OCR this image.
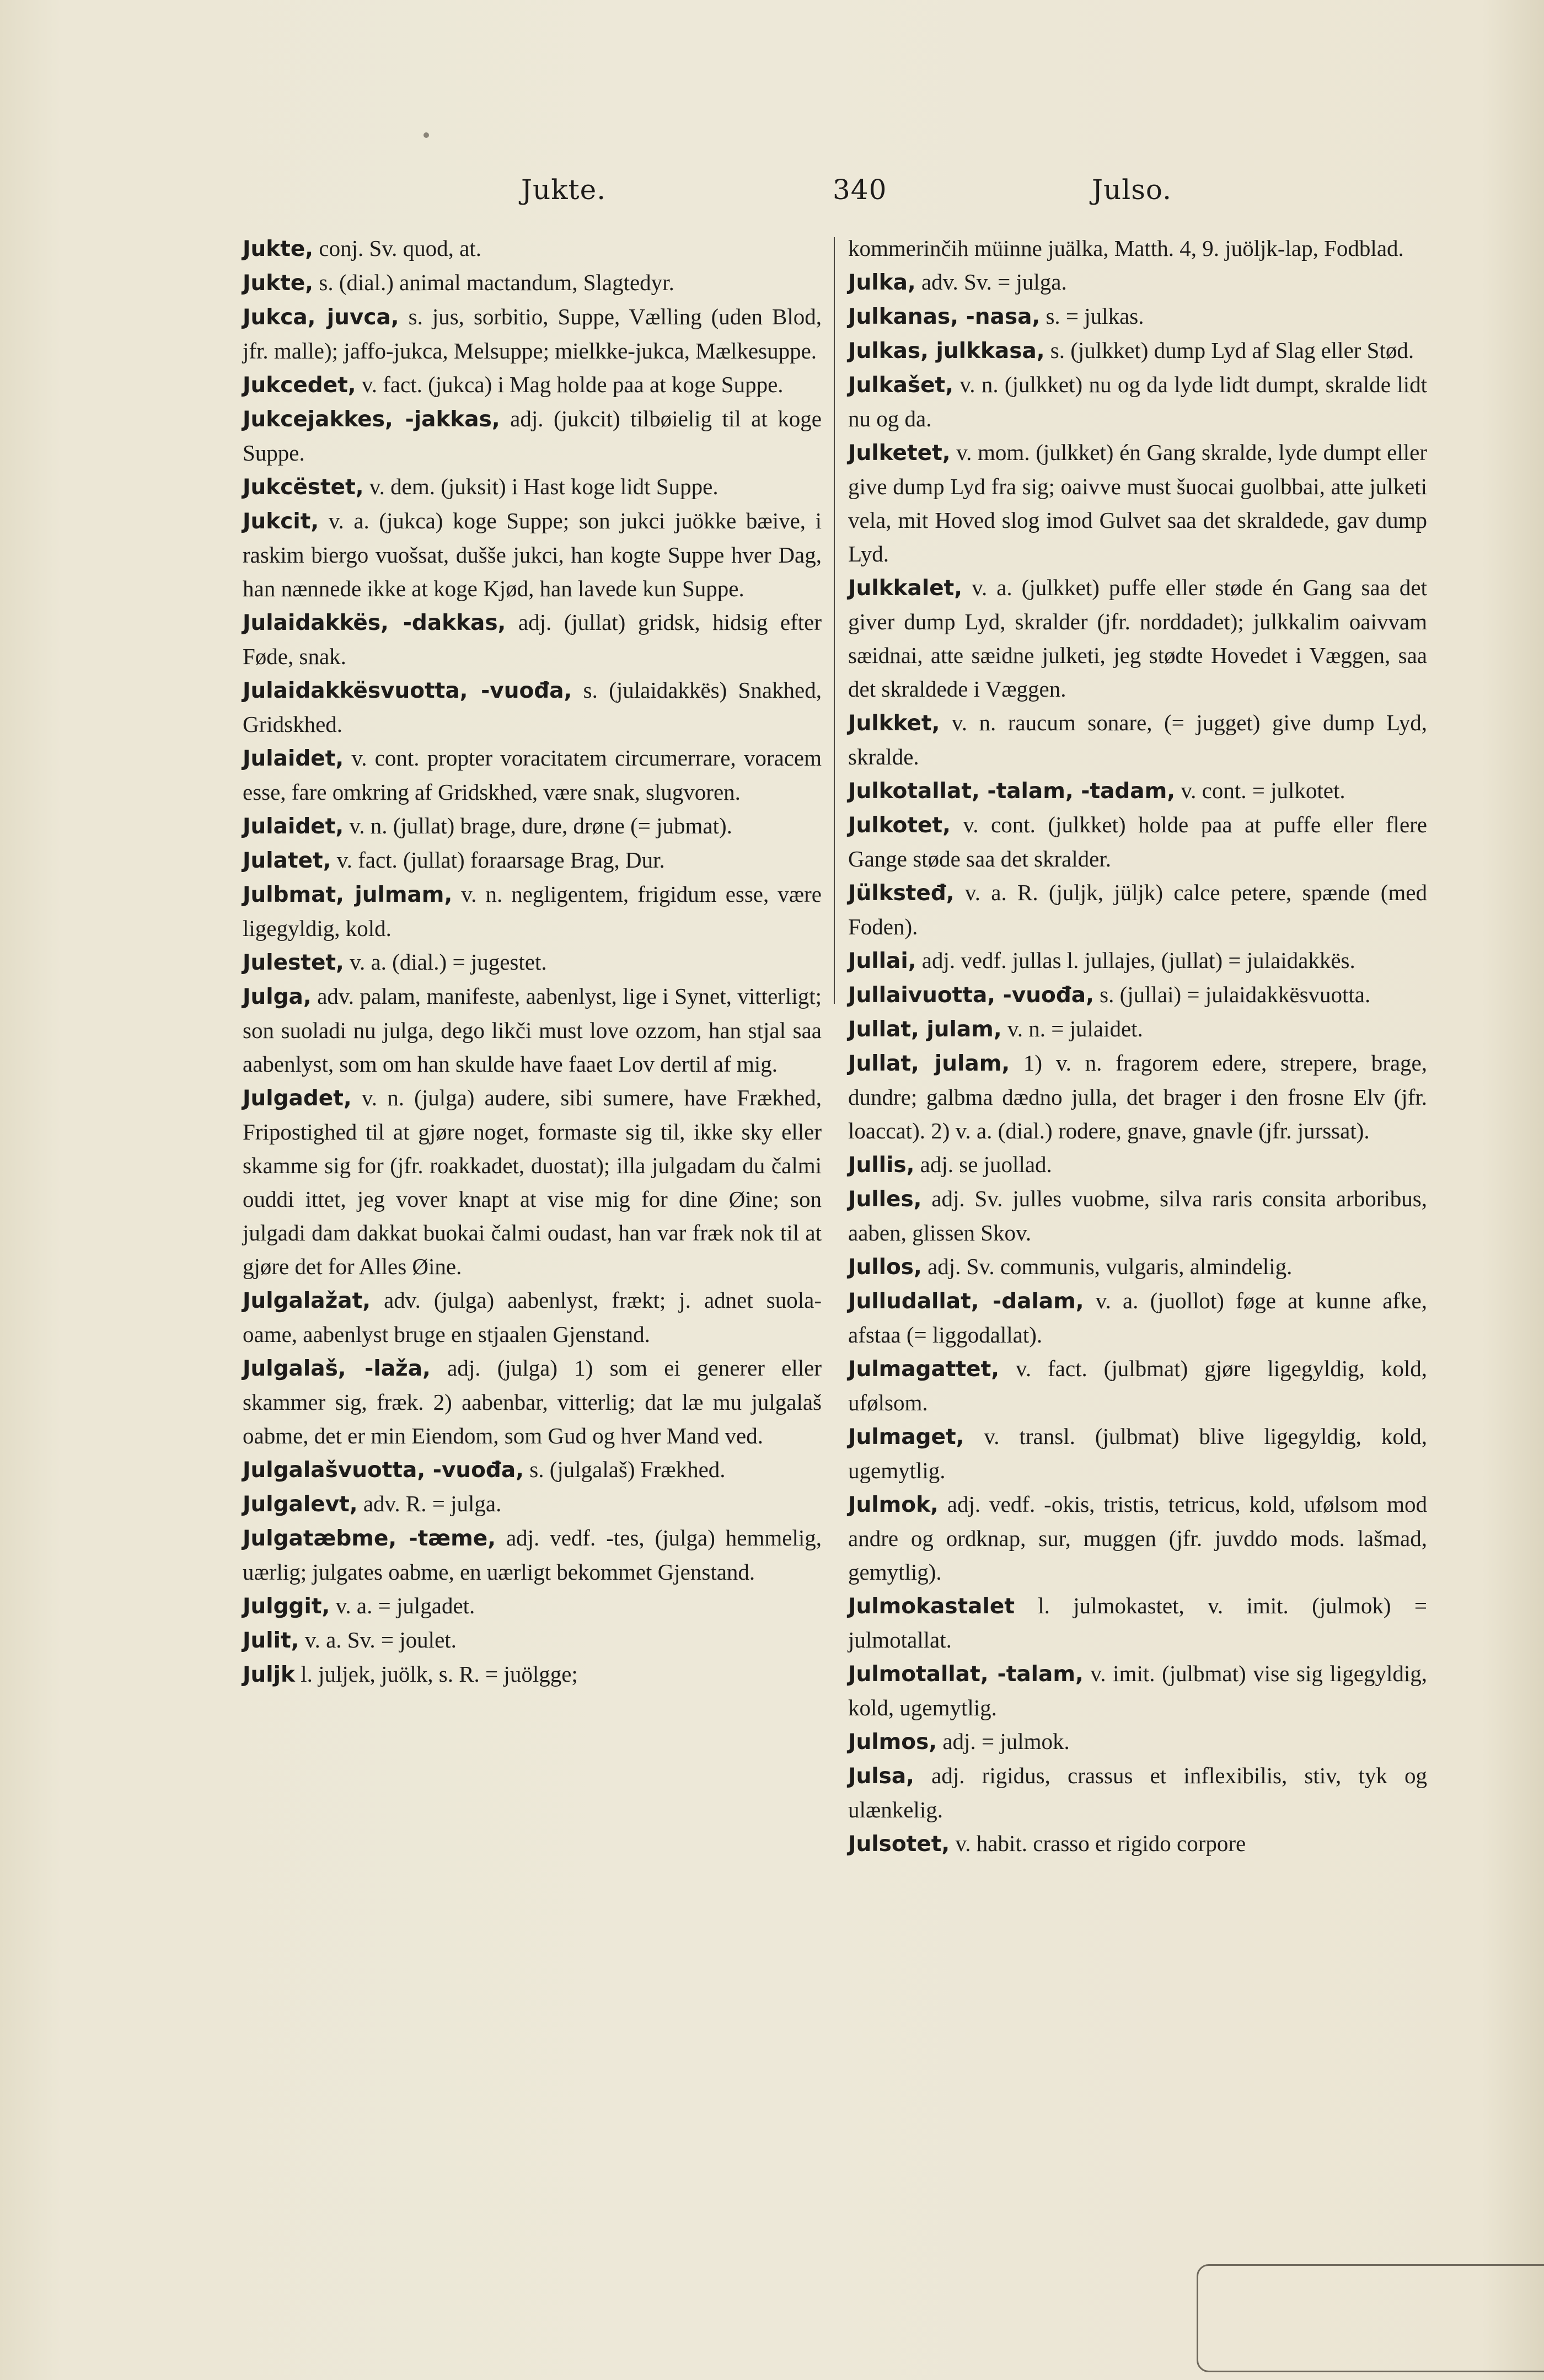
Jukte.	340	Julso.
Jukte, conj. Sv. quod, at.
Jukte, s. (dial.) animal mactandum, Slagtedyr.
Jukca, juvca, s. jus, sorbitio, Suppe, Vælling (uden Blod, jfr. malle); jaffo-jukca, Melsuppe; mielkke-jukca, Mælkesuppe.
Jukcedet, v. fact. (jukca) i Mag holde paa at koge Suppe.
Jukcejakkes, -jakkas, adj. (jukcit) tilbøielig til at koge Suppe.
Jukcëstet, v. dem. (juksit) i Hast koge lidt Suppe.
Jukcit, v. a. (jukca) koge Suppe; son jukci juökke bæive, i raskim biergo vuošsat, dušše jukci, han kogte Suppe hver Dag, han nænnede ikke at koge Kjød, han lavede kun Suppe.
Julaidakkës, -dakkas, adj. (jullat) gridsk, hidsig efter Føde, snak.
Julaidakkësvuotta, -vuođa, s. (julaidakkës) Snakhed, Gridskhed.
Julaidet, v. cont. propter voracitatem circumerrare, voracem esse, fare omkring af Gridskhed, være snak, slugvoren.
Julaidet, v. n. (jullat) brage, dure, drøne (= jubmat).
Julatet, v. fact. (jullat) foraarsage Brag, Dur.
Julbmat, julmam, v. n. negligentem, frigidum esse, være ligegyldig, kold.
Julestet, v. a. (dial.) = jugestet.
Julga, adv. palam, manifeste, aabenlyst, lige i Synet, vitterligt; son suoladi nu julga, dego likči must love ozzom, han stjal saa aabenlyst, som om han skulde have faaet Lov dertil af mig.
Julgadet, v. n. (julga) audere, sibi sumere, have Frækhed, Fripostighed til at gjøre noget, formaste sig til, ikke sky eller skamme sig for (jfr. roakkadet, duostat); illa julgadam du čalmi ouddi ittet, jeg vover knapt at vise mig for dine Øine; son julgadi dam dakkat buokai čalmi oudast, han var fræk nok til at gjøre det for Alles Øine.
Julgalažat, adv. (julga) aabenlyst, frækt; j. adnet suola-oame, aabenlyst bruge en stjaalen Gjenstand.
Julgalaš, -laža, adj. (julga) 1) som ei generer eller skammer sig, fræk. 2) aabenbar, vitterlig; dat læ mu julgalaš oabme, det er min Eiendom, som Gud og hver Mand ved.
Julgalašvuotta, -vuođa, s. (julgalaš) Frækhed.
Julgalevt, adv. R. = julga.
Julgatæbme, -tæme, adj. vedf. -tes, (julga) hemmelig, uærlig; julgates oabme, en uærligt bekommet Gjenstand.
Julggit, v. a. = julgadet.
Julit, v. a. Sv. = joulet.
Juljk l. juljek, juölk, s. R. = juölgge;
kommerinčih müinne juälka, Matth. 4, 9. juöljk-lap, Fodblad.
Julka, adv. Sv. = julga.
Julkanas, -nasa, s. = julkas.
Julkas, julkkasa, s. (julkket) dump Lyd af Slag eller Stød.
Julkašet, v. n. (julkket) nu og da lyde lidt dumpt, skralde lidt nu og da.
Julketet, v. mom. (julkket) én Gang skralde, lyde dumpt eller give dump Lyd fra sig; oaivve must šuocai guolbbai, atte julketi vela, mit Hoved slog imod Gulvet saa det skraldede, gav dump Lyd.
Julkkalet, v. a. (julkket) puffe eller støde én Gang saa det giver dump Lyd, skralder (jfr. norddadet); julkkalim oaivvam sæidnai, atte sæidne julketi, jeg stødte Hovedet i Væggen, saa det skraldede i Væggen.
Julkket, v. n. raucum sonare, (= jugget) give dump Lyd, skralde.
Julkotallat, -talam, -tadam, v. cont. = julkotet.
Julkotet, v. cont. (julkket) holde paa at puffe eller flere Gange støde saa det skralder.
Jülksteđ, v. a. R. (juljk, jüljk) calce petere, spænde (med Foden).
Jullai, adj. vedf. jullas l. jullajes, (jullat) = julaidakkës.
Jullaivuotta, -vuođa, s. (jullai) = julaidakkësvuotta.
Jullat, julam, v. n. = julaidet.
Jullat, julam, 1) v. n. fragorem edere, strepere, brage, dundre; galbma dædno julla, det brager i den frosne Elv (jfr. loaccat). 2) v. a. (dial.) rodere, gnave, gnavle (jfr. jurssat).
Jullis, adj. se juollad.
Julles, adj. Sv. julles vuobme, silva raris consita arboribus, aaben, glissen Skov.
Jullos, adj. Sv. communis, vulgaris, almindelig.
Julludallat, -dalam, v. a. (juollot) føge at kunne afke, afstaa (= liggodallat).
Julmagattet, v. fact. (julbmat) gjøre ligegyldig, kold, ufølsom.
Julmaget, v. transl. (julbmat) blive ligegyldig, kold, ugemytlig.
Julmok, adj. vedf. -okis, tristis, tetricus, kold, ufølsom mod andre og ordknap, sur, muggen (jfr. juvddo mods. lašmad, gemytlig).
Julmokastalet l. julmokastet, v. imit. (julmok) = julmotallat.
Julmotallat, -talam, v. imit. (julbmat) vise sig ligegyldig, kold, ugemytlig.
Julmos, adj. = julmok.
Julsa, adj. rigidus, crassus et inflexibilis, stiv, tyk og ulænkelig.
Julsotet, v. habit. crasso et rigido corpore
